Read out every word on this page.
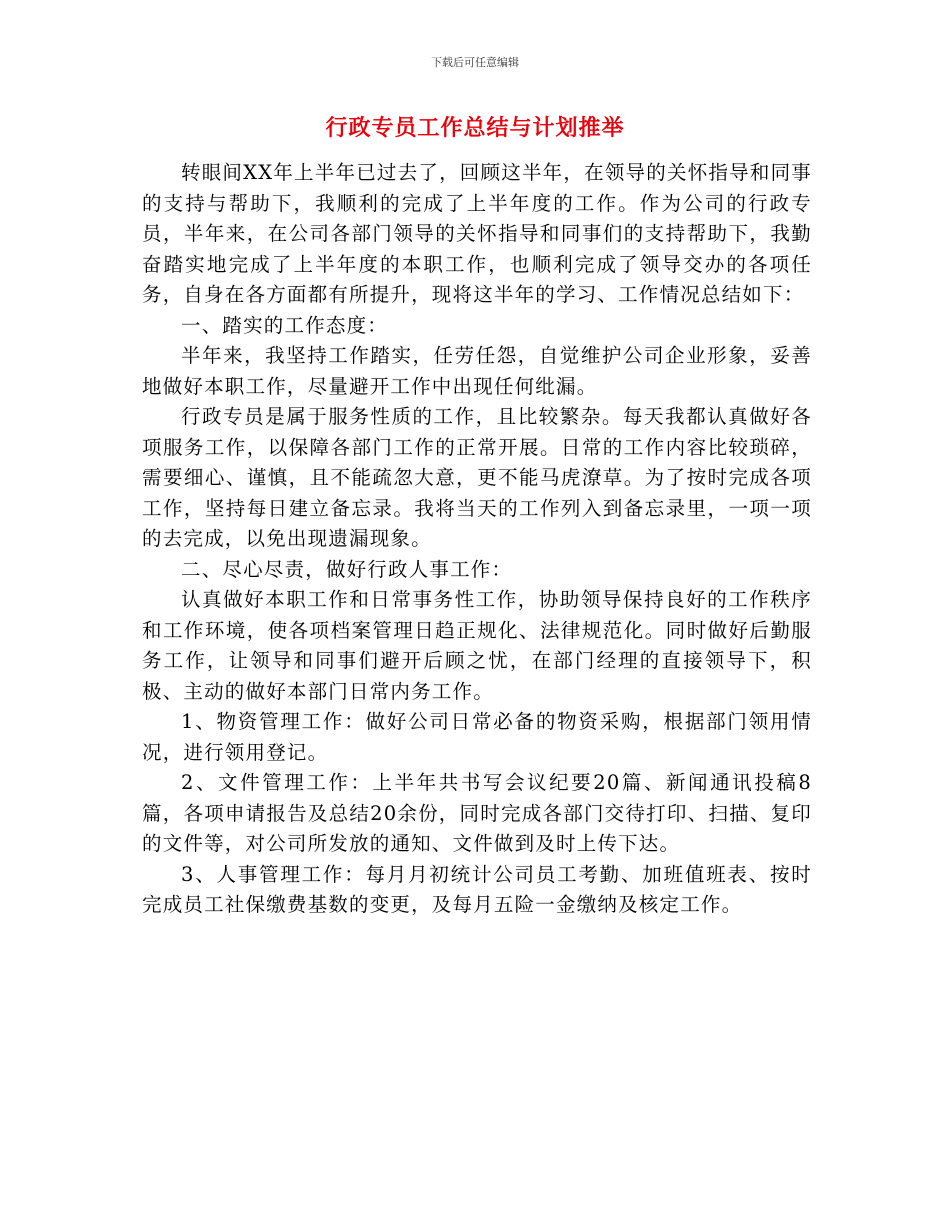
下载后可任意编辑
行政专员工作总结与计划推举

转眼间XX年上半年已过去了，回顾这半年，在领导的关怀指导和同事的支持与帮助下，我顺利的完成了上半年度的工作。作为公司的行政专员，半年来，在公司各部门领导的关怀指导和同事们的支持帮助下，我勤奋踏实地完成了上半年度的本职工作，也顺利完成了领导交办的各项任务，自身在各方面都有所提升，现将这半年的学习、工作情况总结如下：

一、踏实的工作态度：

半年来，我坚持工作踏实，任劳任怨，自觉维护公司企业形象，妥善地做好本职工作，尽量避开工作中出现任何纰漏。

行政专员是属于服务性质的工作，且比较繁杂。每天我都认真做好各项服务工作，以保障各部门工作的正常开展。日常的工作内容比较琐碎，需要细心、谨慎，且不能疏忽大意，更不能马虎潦草。为了按时完成各项工作，坚持每日建立备忘录。我将当天的工作列入到备忘录里，一项一项的去完成，以免出现遗漏现象。

二、尽心尽责，做好行政人事工作：

认真做好本职工作和日常事务性工作，协助领导保持良好的工作秩序和工作环境，使各项档案管理日趋正规化、法律规范化。同时做好后勤服务工作，让领导和同事们避开后顾之忧，在部门经理的直接领导下，积极、主动的做好本部门日常内务工作。

1、物资管理工作：做好公司日常必备的物资采购，根据部门领用情况，进行领用登记。

2、文件管理工作：上半年共书写会议纪要20篇、新闻通讯投稿8篇，各项申请报告及总结20余份，同时完成各部门交待打印、扫描、复印的文件等，对公司所发放的通知、文件做到及时上传下达。

3、人事管理工作：每月月初统计公司员工考勤、加班值班表、按时完成员工社保缴费基数的变更，及每月五险一金缴纳及核定工作。
